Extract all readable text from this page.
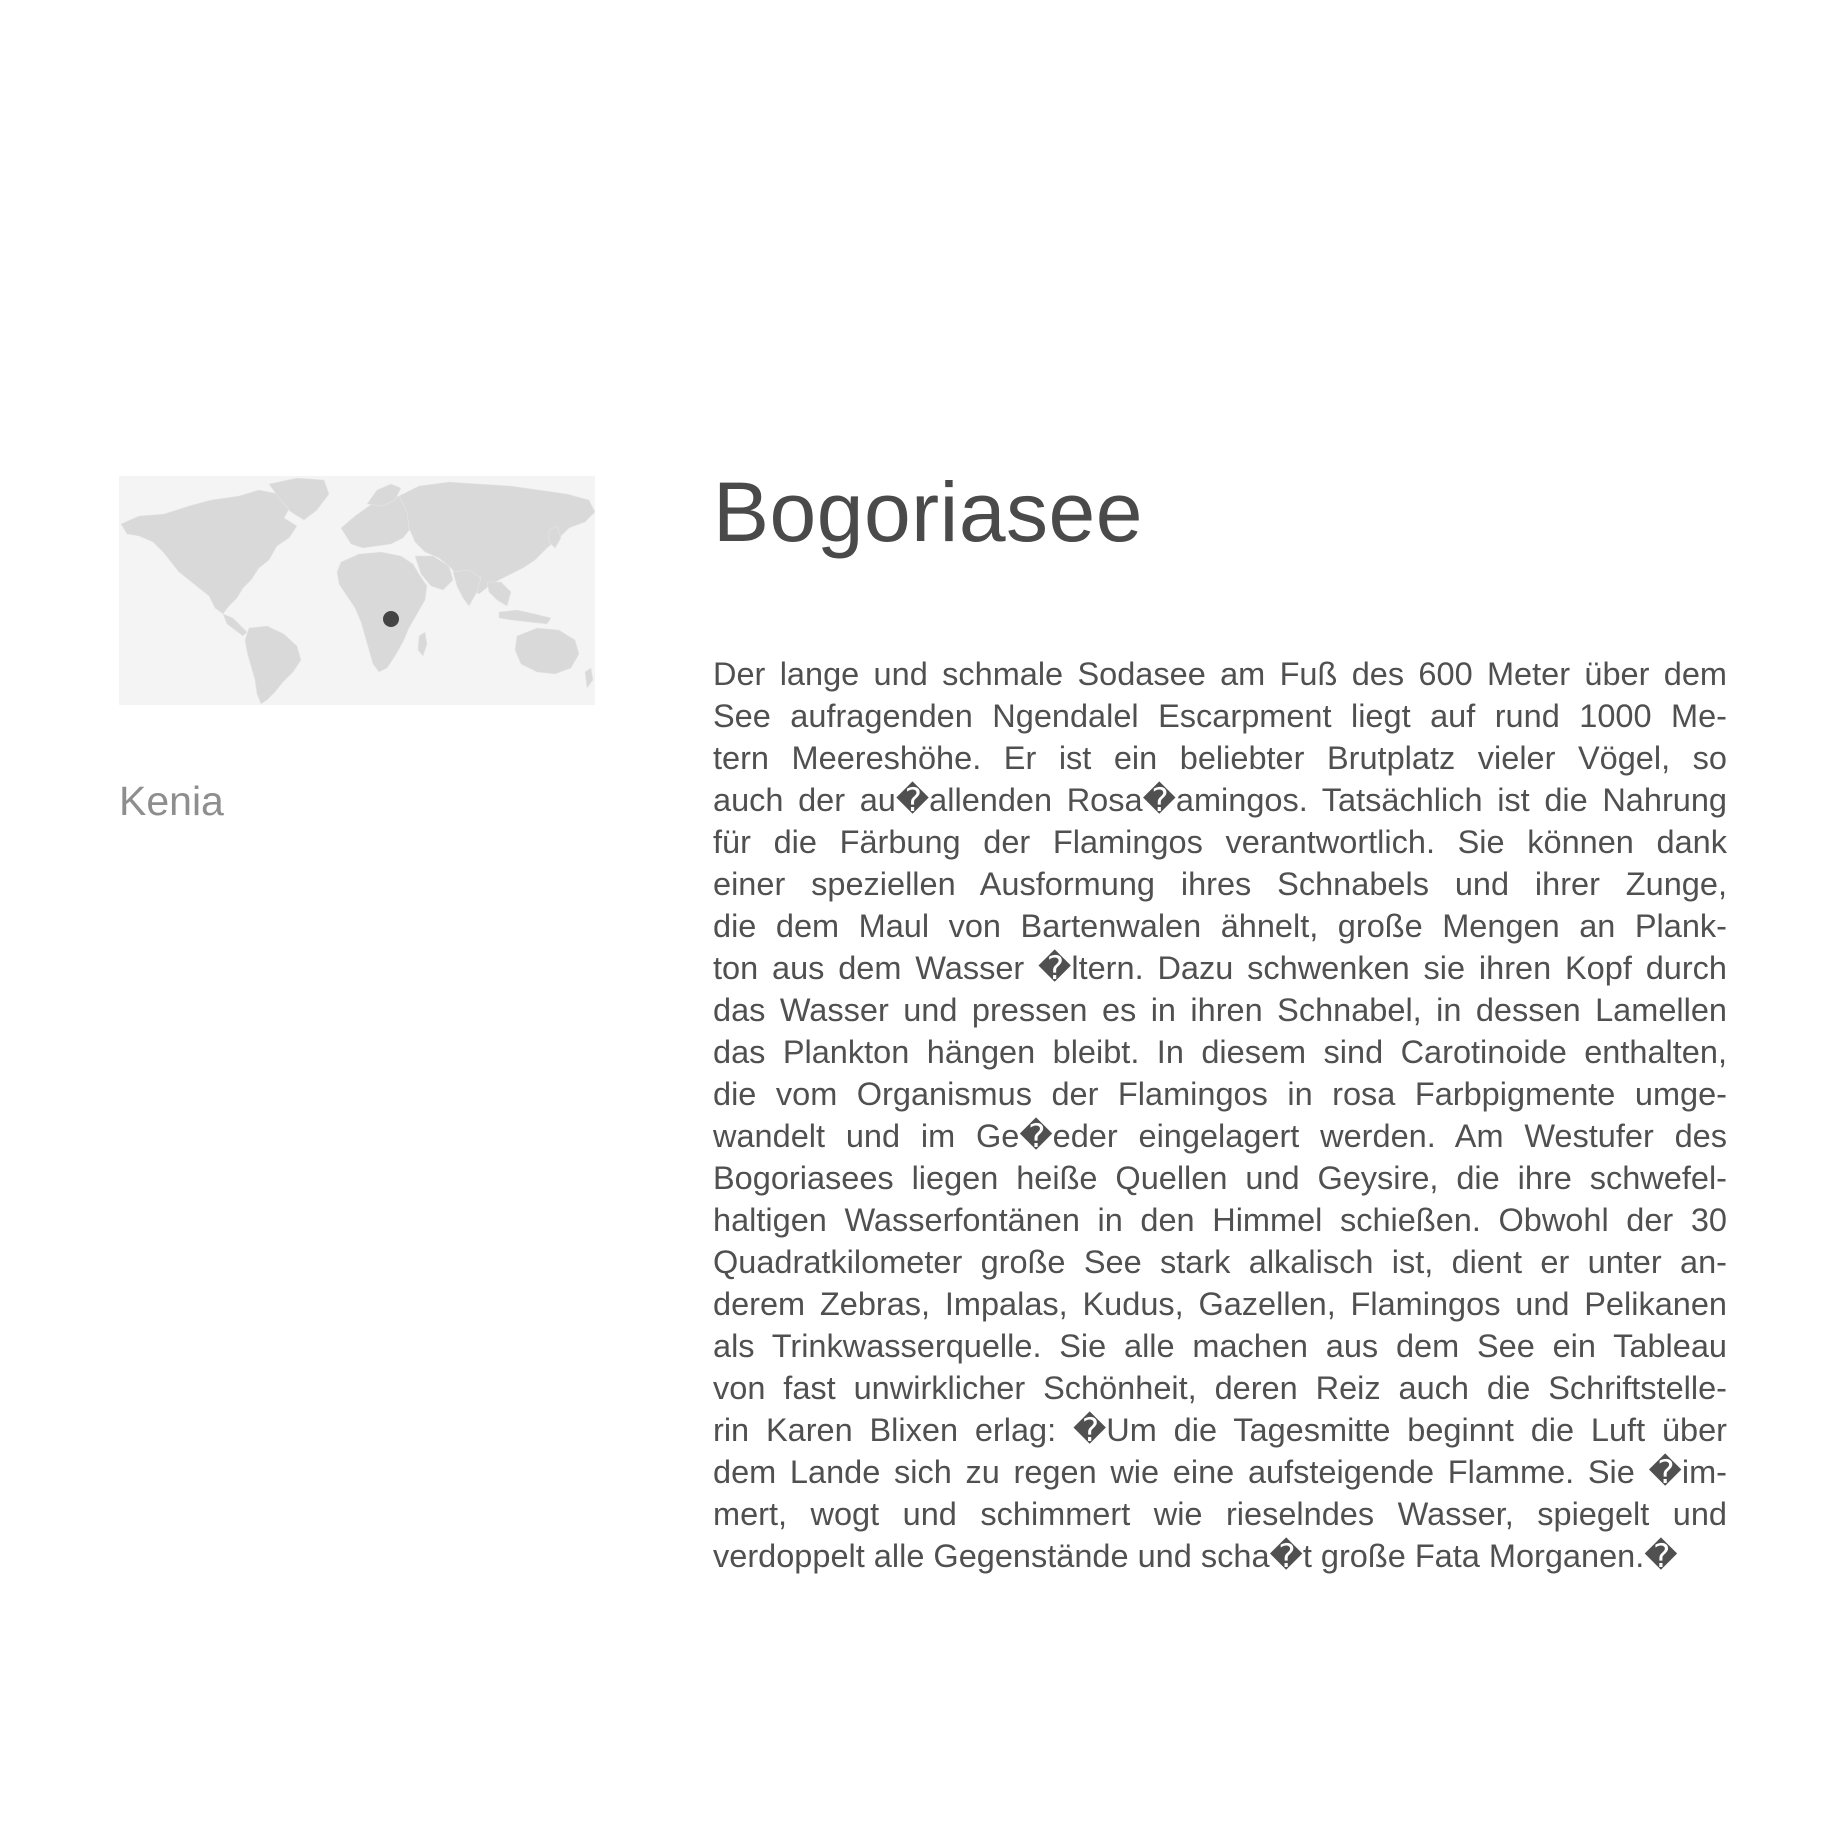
Kenia
Bogoriasee
Der lange und schmale Sodasee am Fuß des 600 Meter über dem
See aufragenden Ngendalel Escarpment liegt auf rund 1000 Me-
tern Meereshöhe. Er ist ein beliebter Brutplatz vieler Vögel, so
auch der au�allenden Rosa�amingos. Tatsächlich ist die Nahrung
für die Färbung der Flamingos verantwortlich. Sie können dank
einer speziellen Ausformung ihres Schnabels und ihrer Zunge,
die dem Maul von Bartenwalen ähnelt, große Mengen an Plank-
ton aus dem Wasser �ltern. Dazu schwenken sie ihren Kopf durch
das Wasser und pressen es in ihren Schnabel, in dessen Lamellen
das Plankton hängen bleibt. In diesem sind Carotinoide enthalten,
die vom Organismus der Flamingos in rosa Farbpigmente umge-
wandelt und im Ge�eder eingelagert werden. Am Westufer des
Bogoriasees liegen heiße Quellen und Geysire, die ihre schwefel-
haltigen Wasserfontänen in den Himmel schießen. Obwohl der 30
Quadratkilometer große See stark alkalisch ist, dient er unter an-
derem Zebras, Impalas, Kudus, Gazellen, Flamingos und Pelikanen
als Trinkwasserquelle. Sie alle machen aus dem See ein Tableau
von fast unwirklicher Schönheit, deren Reiz auch die Schriftstelle-
rin Karen Blixen erlag: �Um die Tagesmitte beginnt die Luft über
dem Lande sich zu regen wie eine aufsteigende Flamme. Sie �im-
mert, wogt und schimmert wie rieselndes Wasser, spiegelt und
verdoppelt alle Gegenstände und scha�t große Fata Morganen.�
